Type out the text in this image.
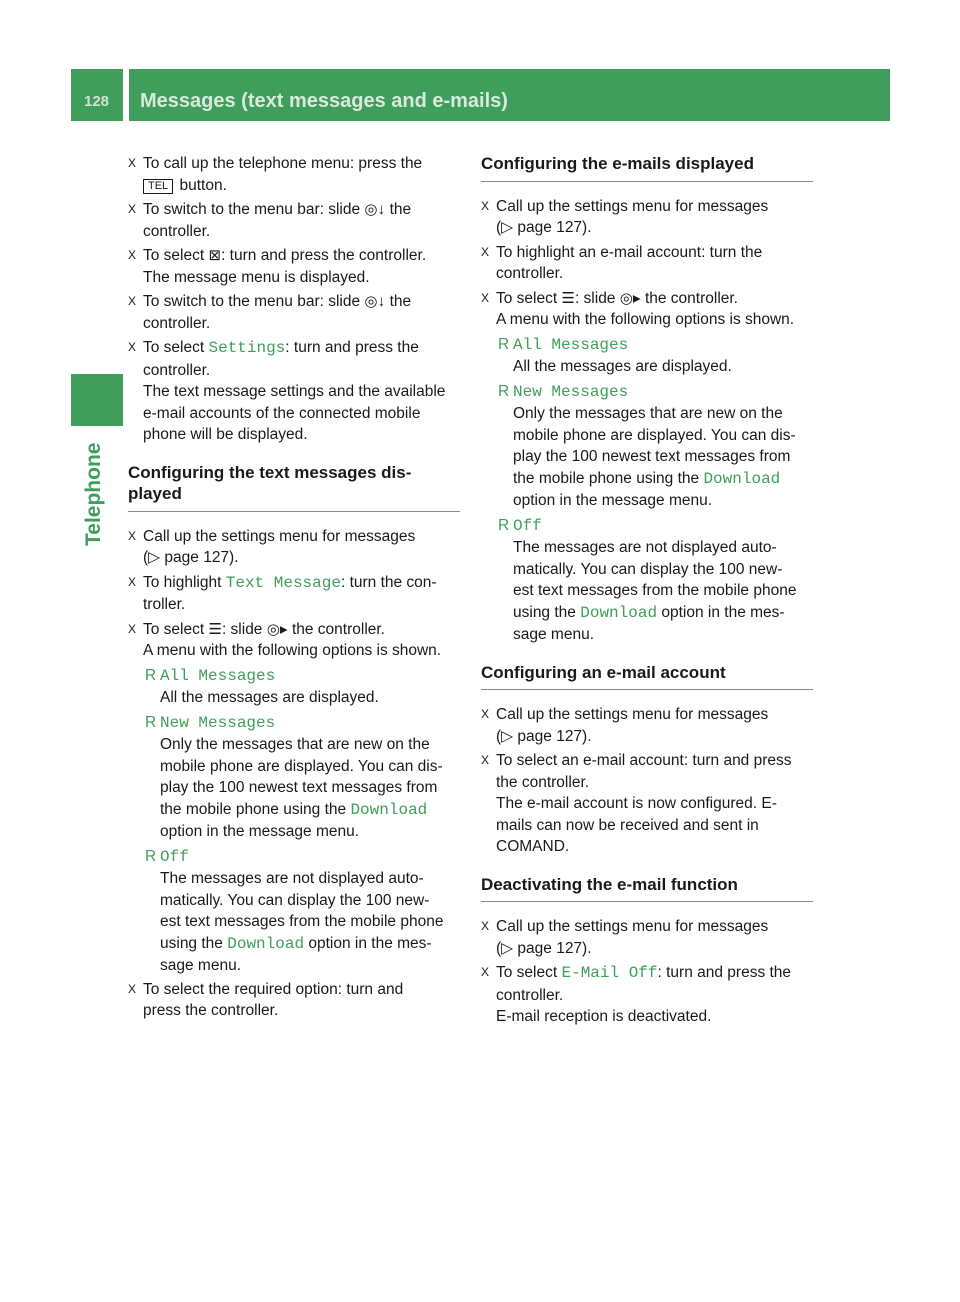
128 Messages (text messages and e-mails)
Telephone
X To call up the telephone menu: press the
TEL button.

X To switch to the menu bar: slide ◎↓ the
controller.

X To select ⊠: turn and press the controller.
The message menu is displayed.

X To switch to the menu bar: slide ◎↓ the
controller.

X To select Settings: turn and press the
controller.
The text message settings and the available
e-mail accounts of the connected mobile
phone will be displayed.

Configuring the text messages dis-
played
X Call up the settings menu for messages
(▷ page 127).

X To highlight Text Message: turn the con-
troller.

X To select ☰: slide ◎▸ the controller.
A menu with the following options is shown.

R All Messages

All the messages are displayed.

R New Messages

Only the messages that are new on the
mobile phone are displayed. You can dis-
play the 100 newest text messages from
the mobile phone using the Download
option in the message menu.

R Off

The messages are not displayed auto-
matically. You can display the 100 new-
est text messages from the mobile phone
using the Download option in the mes-
sage menu.

X To select the required option: turn and
press the controller.

Configuring the e-mails displayed
X Call up the settings menu for messages
(▷ page 127).

X To highlight an e-mail account: turn the
controller.

X To select ☰: slide ◎▸ the controller.
A menu with the following options is shown.

R All Messages

All the messages are displayed.

R New Messages

Only the messages that are new on the
mobile phone are displayed. You can dis-
play the 100 newest text messages from
the mobile phone using the Download
option in the message menu.

R Off

The messages are not displayed auto-
matically. You can display the 100 new-
est text messages from the mobile phone
using the Download option in the mes-
sage menu.

Configuring an e-mail account
X Call up the settings menu for messages
(▷ page 127).

X To select an e-mail account: turn and press
the controller.
The e-mail account is now configured. E-
mails can now be received and sent in
COMAND.

Deactivating the e-mail function
X Call up the settings menu for messages
(▷ page 127).

X To select E-Mail Off: turn and press the
controller.
E-mail reception is deactivated.
